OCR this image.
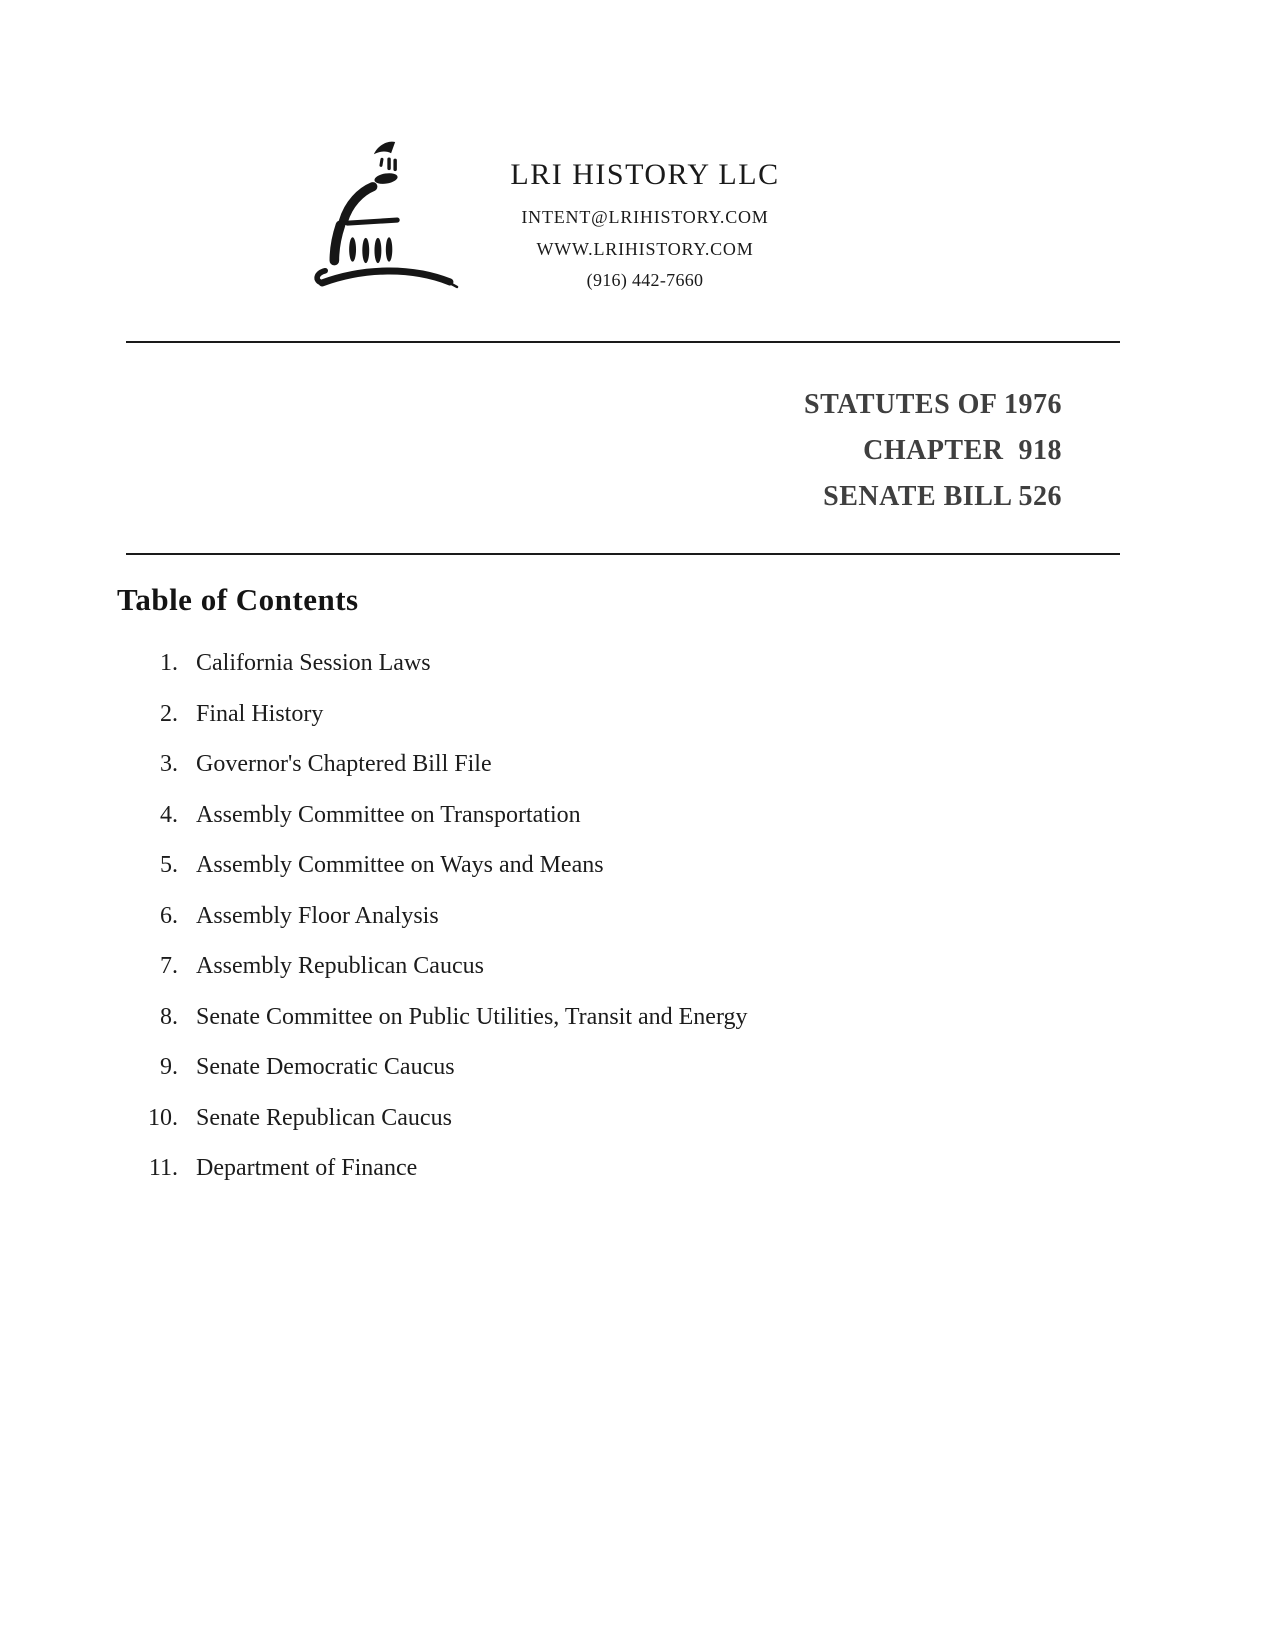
LRI HISTORY LLC
INTENT@LRIHISTORY.COM
WWW.LRIHISTORY.COM
(916) 442-7660
STATUTES OF 1976
CHAPTER  918
SENATE BILL 526
Table of Contents
1. California Session Laws
2. Final History
3. Governor's Chaptered Bill File
4. Assembly Committee on Transportation
5. Assembly Committee on Ways and Means
6. Assembly Floor Analysis
7. Assembly Republican Caucus
8. Senate Committee on Public Utilities, Transit and Energy
9. Senate Democratic Caucus
10. Senate Republican Caucus
11. Department of Finance
